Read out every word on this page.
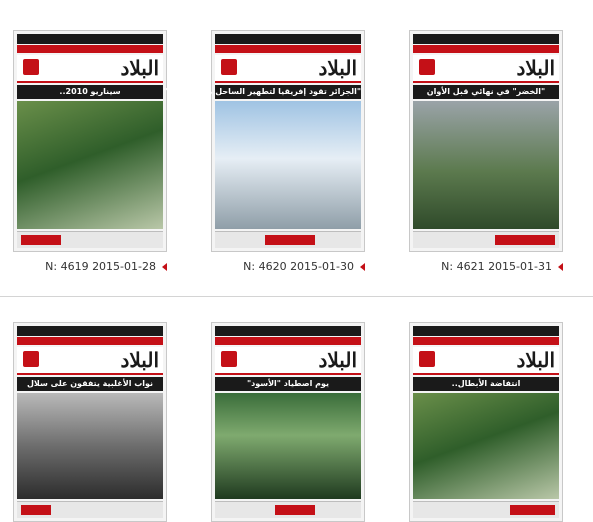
البلاد
سيناريو 2010..
N: 4619 2015-01-28
البلاد
"الجزائر تقود إفريقيا لتطهير الساحل من الإرهاب"
N: 4620 2015-01-30
البلاد
"الخضر" في نهائي قبل الأوان
N: 4621 2015-01-31
البلاد
نواب الأغلبية يتفقون على سلال
البلاد
يوم اصطياد "الأسود"
البلاد
انتفاضة الأبطال..
